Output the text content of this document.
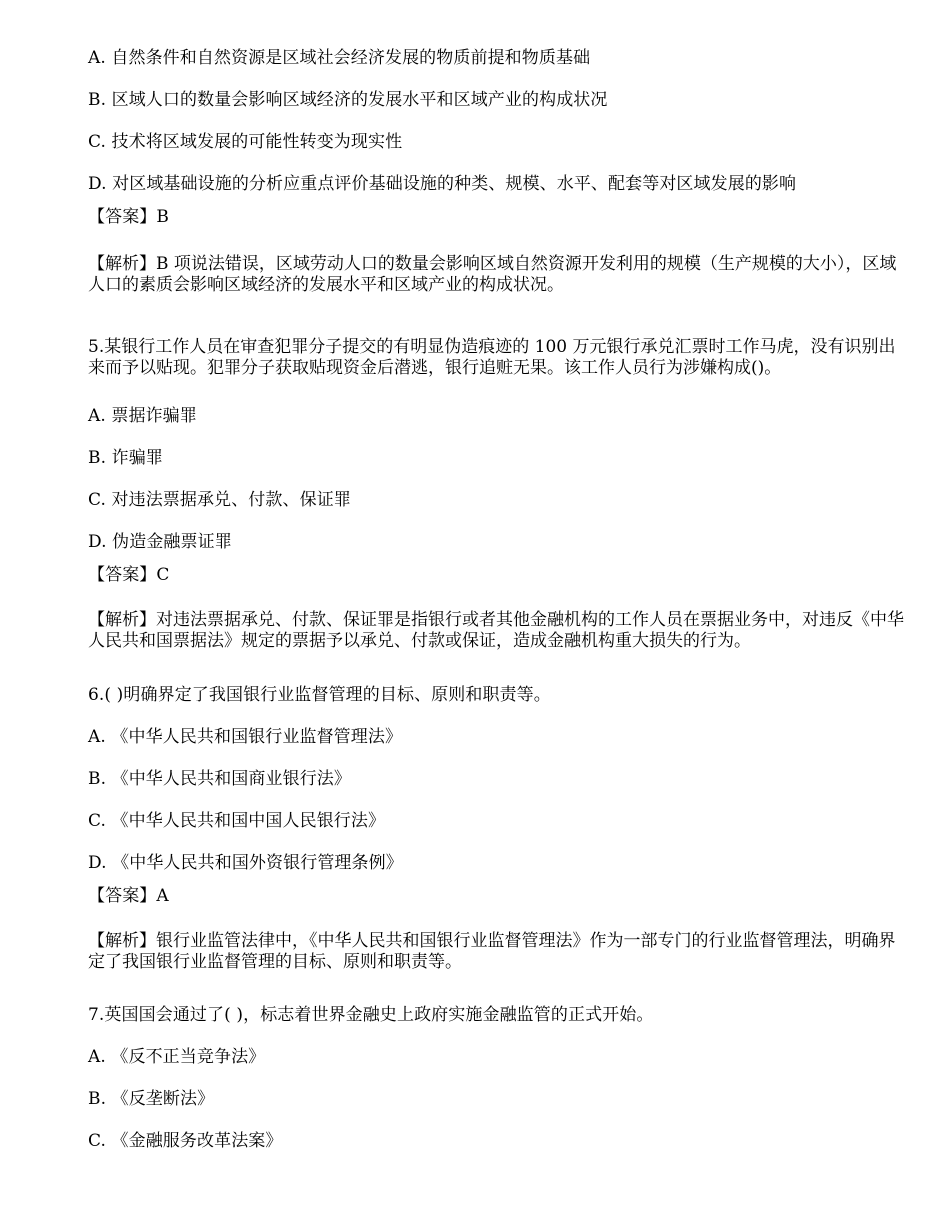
A. 自然条件和自然资源是区域社会经济发展的物质前提和物质基础
B. 区域人口的数量会影响区域经济的发展水平和区域产业的构成状况
C. 技术将区域发展的可能性转变为现实性
D. 对区域基础设施的分析应重点评价基础设施的种类、规模、水平、配套等对区域发展的影响
【答案】B
【解析】B 项说法错误，区域劳动人口的数量会影响区域自然资源开发利用的规模（生产规模的大小），区域人口的素质会影响区域经济的发展水平和区域产业的构成状况。
5.某银行工作人员在审查犯罪分子提交的有明显伪造痕迹的 100 万元银行承兑汇票时工作马虎，没有识别出来而予以贴现。犯罪分子获取贴现资金后潜逃，银行追赃无果。该工作人员行为涉嫌构成()。
A. 票据诈骗罪
B. 诈骗罪
C. 对违法票据承兑、付款、保证罪
D. 伪造金融票证罪
【答案】C
【解析】对违法票据承兑、付款、保证罪是指银行或者其他金融机构的工作人员在票据业务中，对违反《中华人民共和国票据法》规定的票据予以承兑、付款或保证，造成金融机构重大损失的行为。
6.( )明确界定了我国银行业监督管理的目标、原则和职责等。
A. 《中华人民共和国银行业监督管理法》
B. 《中华人民共和国商业银行法》
C. 《中华人民共和国中国人民银行法》
D. 《中华人民共和国外资银行管理条例》
【答案】A
【解析】银行业监管法律中，《中华人民共和国银行业监督管理法》作为一部专门的行业监督管理法，明确界定了我国银行业监督管理的目标、原则和职责等。
7.英国国会通过了( )，标志着世界金融史上政府实施金融监管的正式开始。
A. 《反不正当竞争法》
B. 《反垄断法》
C. 《金融服务改革法案》
